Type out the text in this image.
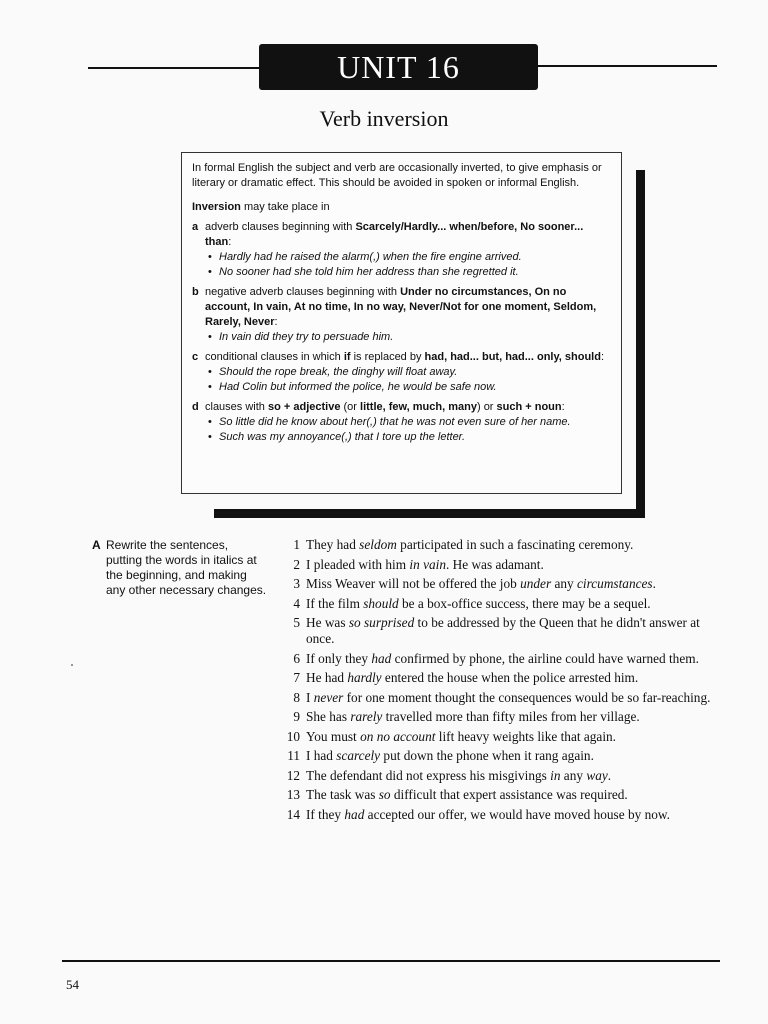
UNIT 16
Verb inversion

In formal English the subject and verb are occasionally inverted, to give emphasis or literary or dramatic effect. This should be avoided in spoken or informal English.

Inversion may take place in

a adverb clauses beginning with Scarcely/Hardly... when/before, No sooner... than:
• Hardly had he raised the alarm(,) when the fire engine arrived.
• No sooner had she told him her address than she regretted it.
b negative adverb clauses beginning with Under no circumstances, On no account, In vain, At no time, In no way, Never/Not for one moment, Seldom, Rarely, Never:
• In vain did they try to persuade him.
c conditional clauses in which if is replaced by had, had... but, had... only, should:
• Should the rope break, the dinghy will float away.
• Had Colin but informed the police, he would be safe now.
d clauses with so + adjective (or little, few, much, many) or such + noun:
• So little did he know about her(,) that he was not even sure of her name.
• Such was my annoyance(,) that I tore up the letter.
A Rewrite the sentences, putting the words in italics at the beginning, and making any other necessary changes.
1 They had seldom participated in such a fascinating ceremony.
2 I pleaded with him in vain. He was adamant.
3 Miss Weaver will not be offered the job under any circumstances.
4 If the film should be a box-office success, there may be a sequel.
5 He was so surprised to be addressed by the Queen that he didn't answer at once.
6 If only they had confirmed by phone, the airline could have warned them.
7 He had hardly entered the house when the police arrested him.
8 I never for one moment thought the consequences would be so far-reaching.
9 She has rarely travelled more than fifty miles from her village.
10 You must on no account lift heavy weights like that again.
11 I had scarcely put down the phone when it rang again.
12 The defendant did not express his misgivings in any way.
13 The task was so difficult that expert assistance was required.
14 If they had accepted our offer, we would have moved house by now.
54
